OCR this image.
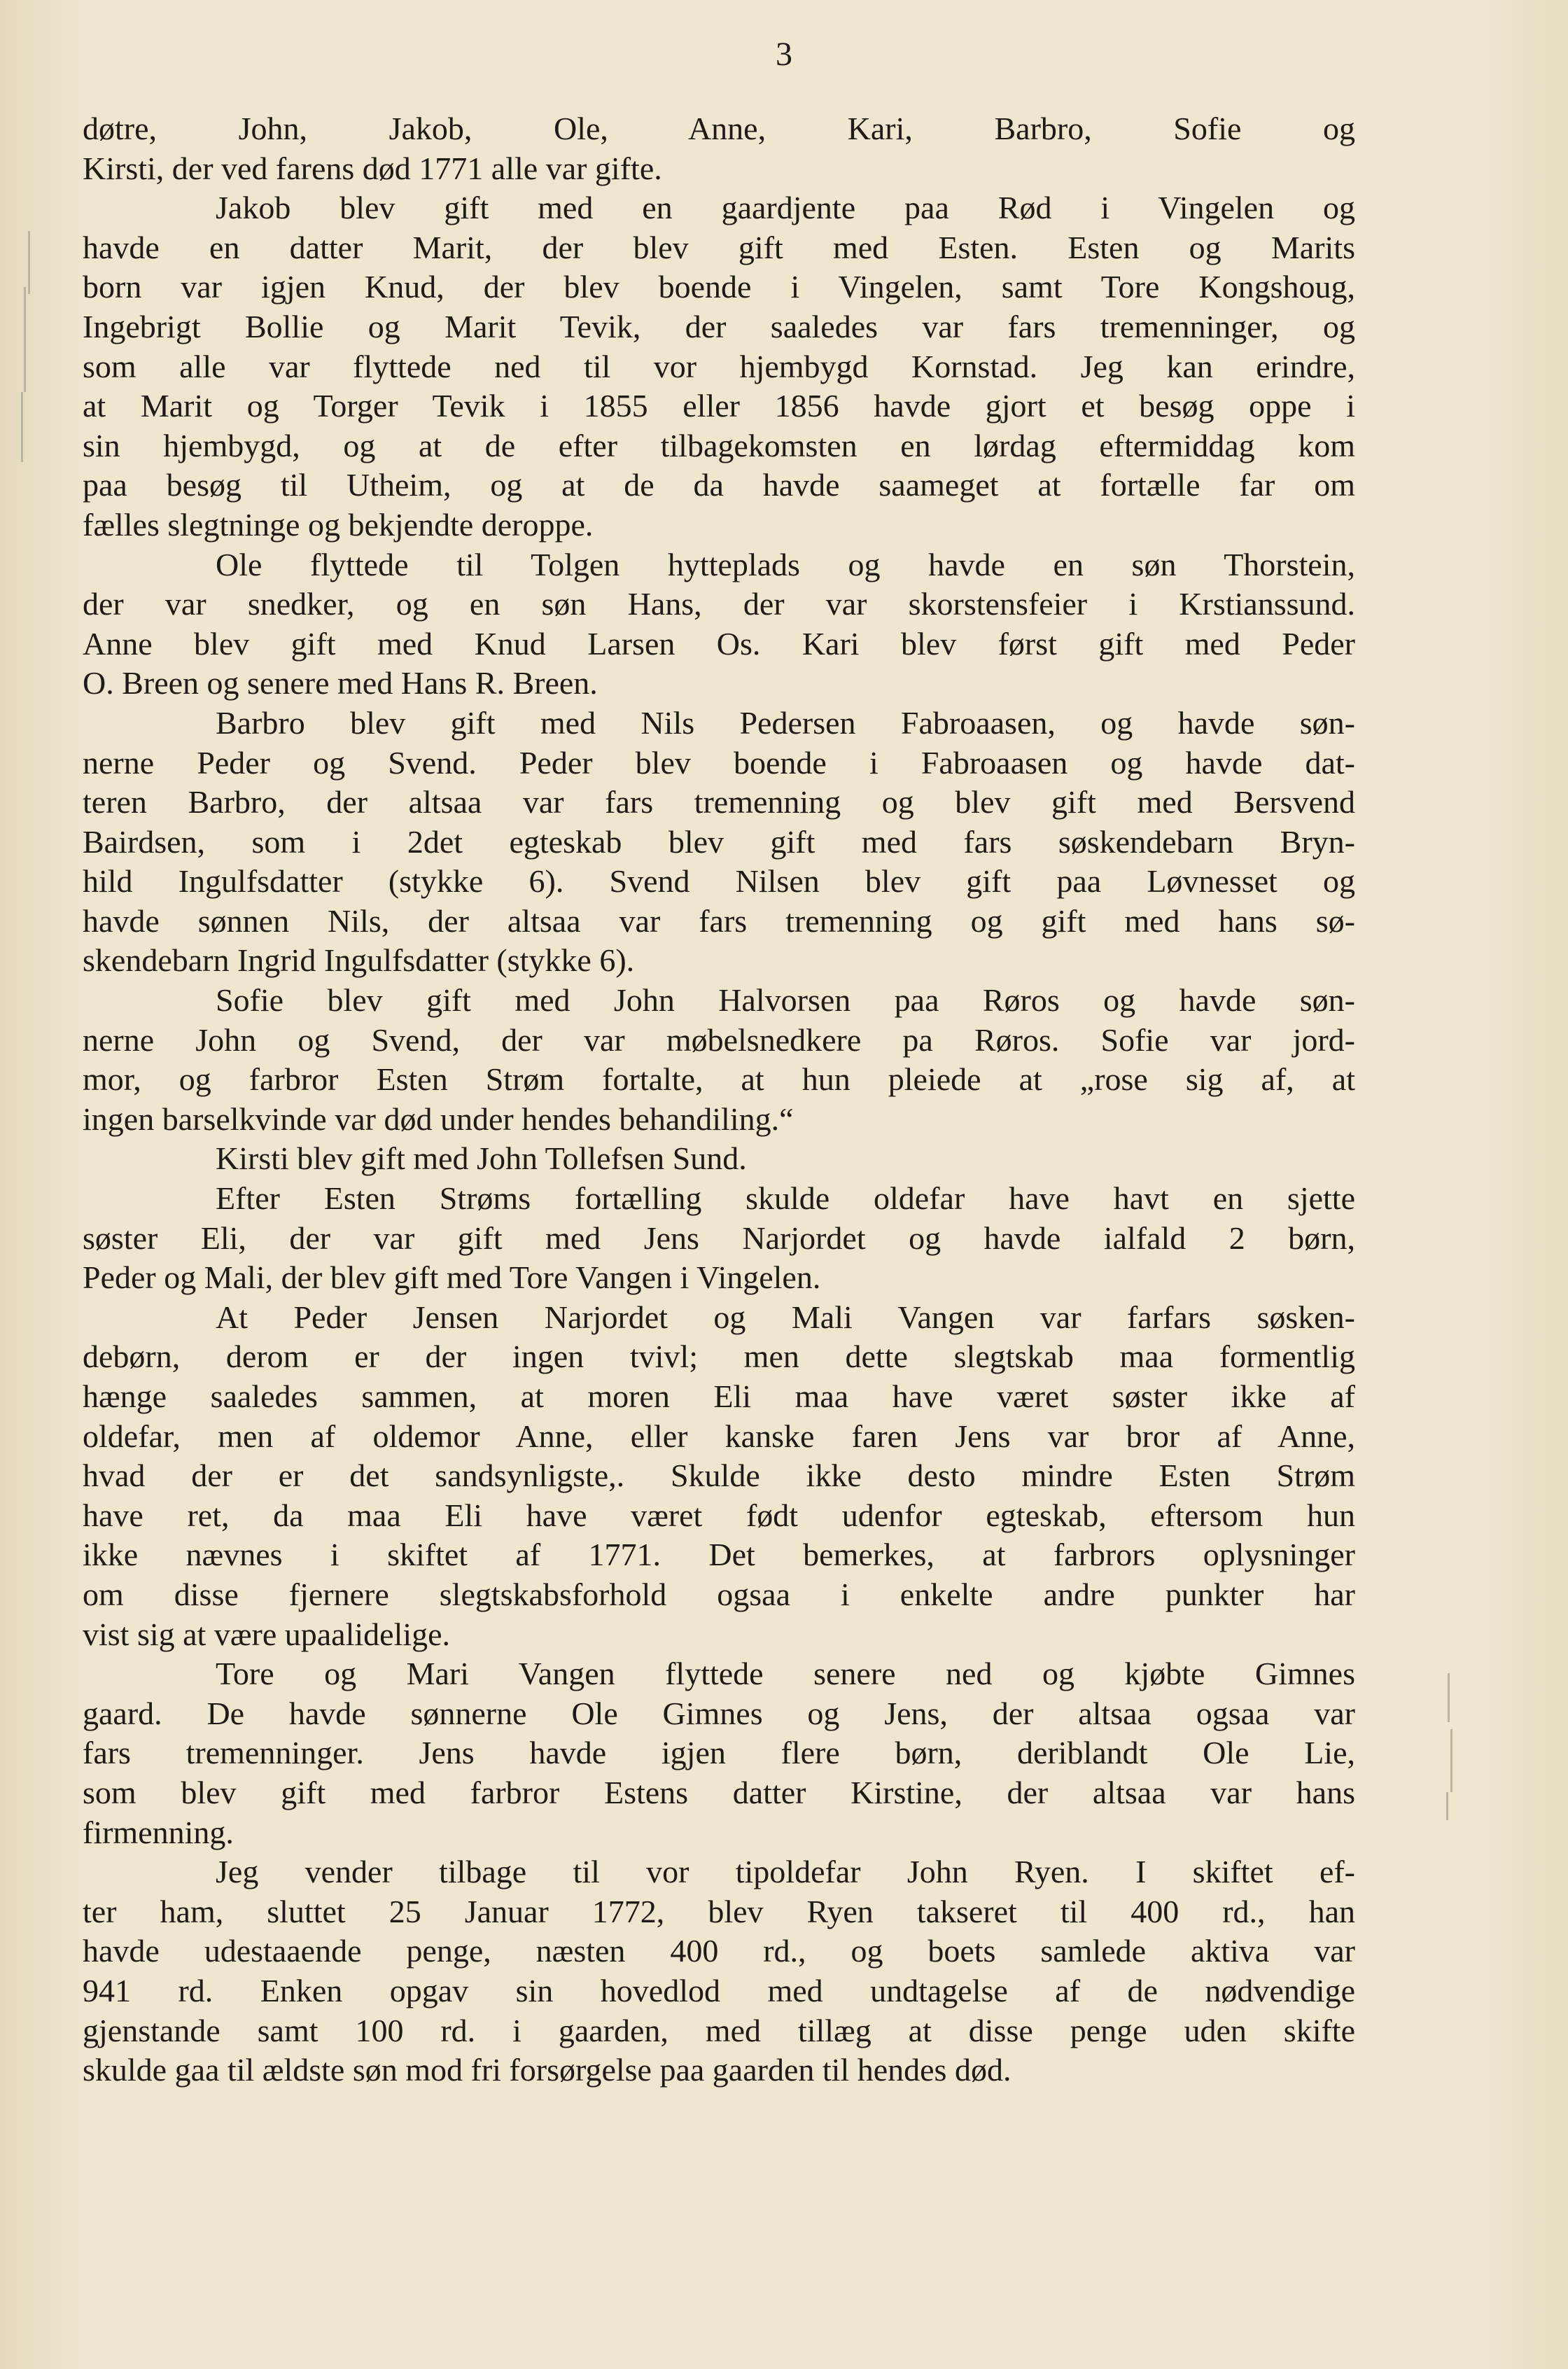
3
døtre, John, Jakob, Ole, Anne, Kari, Barbro, Sofie og
Kirsti, der ved farens død 1771 alle var gifte.
Jakob blev gift med en gaardjente paa Rød i Vingelen og
havde en datter Marit, der blev gift med Esten. Esten og Marits
born var igjen Knud, der blev boende i Vingelen, samt Tore Kongshoug,
Ingebrigt Bollie og Marit Tevik, der saaledes var fars tremenninger, og
som alle var flyttede ned til vor hjembygd Kornstad. Jeg kan erindre,
at Marit og Torger Tevik i 1855 eller 1856 havde gjort et besøg oppe i
sin hjembygd, og at de efter tilbagekomsten en lørdag eftermiddag kom
paa besøg til Utheim, og at de da havde saameget at fortælle far om
fælles slegtninge og bekjendte deroppe.
Ole flyttede til Tolgen hytteplads og havde en søn Thorstein,
der var snedker, og en søn Hans, der var skorstensfeier i Krstianssund.
Anne blev gift med Knud Larsen Os. Kari blev først gift med Peder
O. Breen og senere med Hans R. Breen.
Barbro blev gift med Nils Pedersen Fabroaasen, og havde søn-
nerne Peder og Svend. Peder blev boende i Fabroaasen og havde dat-
teren Barbro, der altsaa var fars tremenning og blev gift med Bersvend
Bairdsen, som i 2det egteskab blev gift med fars søskendebarn Bryn-
hild Ingulfsdatter (stykke 6). Svend Nilsen blev gift paa Løvnesset og
havde sønnen Nils, der altsaa var fars tremenning og gift med hans sø-
skendebarn Ingrid Ingulfsdatter (stykke 6).
Sofie blev gift med John Halvorsen paa Røros og havde søn-
nerne John og Svend, der var møbelsnedkere pa Røros. Sofie var jord-
mor, og farbror Esten Strøm fortalte, at hun pleiede at „rose sig af, at
ingen barselkvinde var død under hendes behandiling.“
Kirsti blev gift med John Tollefsen Sund.
Efter Esten Strøms fortælling skulde oldefar have havt en sjette
søster Eli, der var gift med Jens Narjordet og havde ialfald 2 børn,
Peder og Mali, der blev gift med Tore Vangen i Vingelen.
At Peder Jensen Narjordet og Mali Vangen var farfars søsken-
debørn, derom er der ingen tvivl; men dette slegtskab maa formentlig
hænge saaledes sammen, at moren Eli maa have været søster ikke af
oldefar, men af oldemor Anne, eller kanske faren Jens var bror af Anne,
hvad der er det sandsynligste,. Skulde ikke desto mindre Esten Strøm
have ret, da maa Eli have været født udenfor egteskab, eftersom hun
ikke nævnes i skiftet af 1771. Det bemerkes, at farbrors oplysninger
om disse fjernere slegtskabsforhold ogsaa i enkelte andre punkter har
vist sig at være upaalidelige.
Tore og Mari Vangen flyttede senere ned og kjøbte Gimnes
gaard. De havde sønnerne Ole Gimnes og Jens, der altsaa ogsaa var
fars tremenninger. Jens havde igjen flere børn, deriblandt Ole Lie,
som blev gift med farbror Estens datter Kirstine, der altsaa var hans
firmenning.
Jeg vender tilbage til vor tipoldefar John Ryen. I skiftet ef-
ter ham, sluttet 25 Januar 1772, blev Ryen takseret til 400 rd., han
havde udestaaende penge, næsten 400 rd., og boets samlede aktiva var
941 rd. Enken opgav sin hovedlod med undtagelse af de nødvendige
gjenstande samt 100 rd. i gaarden, med tillæg at disse penge uden skifte
skulde gaa til ældste søn mod fri forsørgelse paa gaarden til hendes død.
